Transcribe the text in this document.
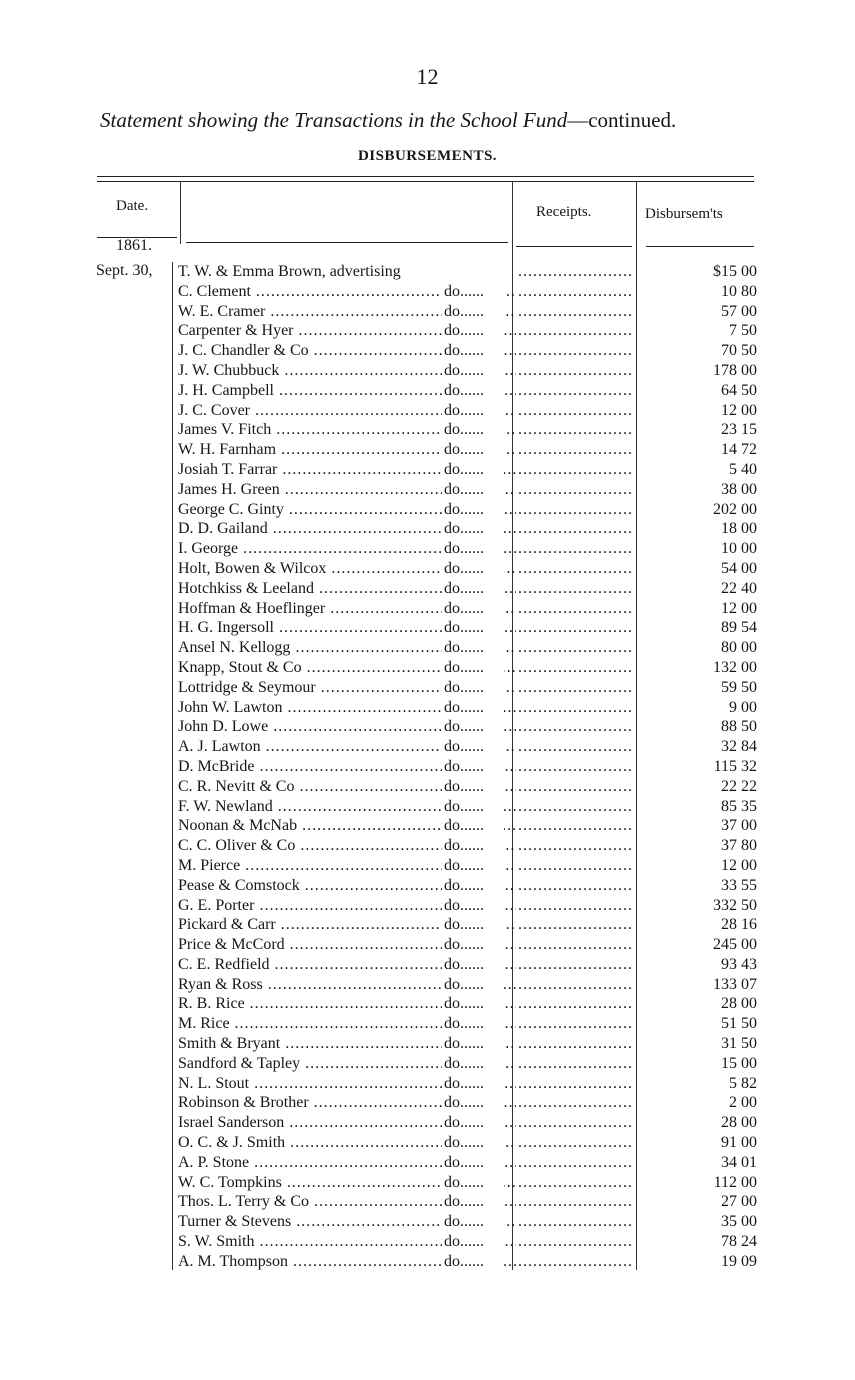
12
Statement showing the Transactions in the School Fund—continued.
DISBURSEMENTS.
Date.	Receipts.	Disbursem'ts
1861.
Sept. 30, T. W. & Emma Brown, advertising .....	$15 00
C. Clement .....	do ...... .....	10 80
W. E. Cramer .....	do ...... .....	57 00
Carpenter & Hyer .....	do ...... .....	7 50
J. C. Chandler & Co .....	do ...... .....	70 50
J. W. Chubbuck .....	do ...... .....	178 00
J. H. Campbell .....	do ...... .....	64 50
J. C. Cover .....	do ...... .....	12 00
James V. Fitch .....	do ...... .....	23 15
W. H. Farnham .....	do ...... .....	14 72
Josiah T. Farrar .....	do ...... .....	5 40
James H. Green .....	do ...... .....	38 00
George C. Ginty .....	do ...... .....	202 00
D. D. Gailand .....	do ...... .....	18 00
I. George .....	do ...... .....	10 00
Holt, Bowen & Wilcox .....	do ...... .....	54 00
Hotchkiss & Leeland .....	do ...... .....	22 40
Hoffman & Hoeflinger .....	do ...... .....	12 00
H. G. Ingersoll .....	do ...... .....	89 54
Ansel N. Kellogg .....	do ...... .....	80 00
Knapp, Stout & Co .....	do ...... .....	132 00
Lottridge & Seymour .....	do ...... .....	59 50
John W. Lawton .....	do ...... .....	9 00
John D. Lowe .....	do ...... .....	88 50
A. J. Lawton .....	do ...... .....	32 84
D. McBride .....	do ...... .....	115 32
C. R. Nevitt & Co .....	do ...... .....	22 22
F. W. Newland .....	do ...... .....	85 35
Noonan & McNab .....	do ...... .....	37 00
C. C. Oliver & Co .....	do ...... .....	37 80
M. Pierce .....	do ...... .....	12 00
Pease & Comstock .....	do ...... .....	33 55
G. E. Porter .....	do ...... .....	332 50
Pickard & Carr .....	do ...... .....	28 16
Price & McCord .....	do ...... .....	245 00
C. E. Redfield .....	do ...... .....	93 43
Ryan & Ross .....	do ...... .....	133 07
R. B. Rice .....	do ...... .....	28 00
M. Rice .....	do ...... .....	51 50
Smith & Bryant .....	do ...... .....	31 50
Sandford & Tapley .....	do ...... .....	15 00
N. L. Stout .....	do ...... .....	5 82
Robinson & Brother .....	do ...... .....	2 00
Israel Sanderson .....	do ...... .....	28 00
O. C. & J. Smith .....	do ...... .....	91 00
A. P. Stone .....	do ...... .....	34 01
W. C. Tompkins .....	do ...... .....	112 00
Thos. L. Terry & Co .....	do ...... .....	27 00
Turner & Stevens .....	do ...... .....	35 00
S. W. Smith .....	do ...... .....	78 24
A. M. Thompson .....	do ...... .....	19 09
